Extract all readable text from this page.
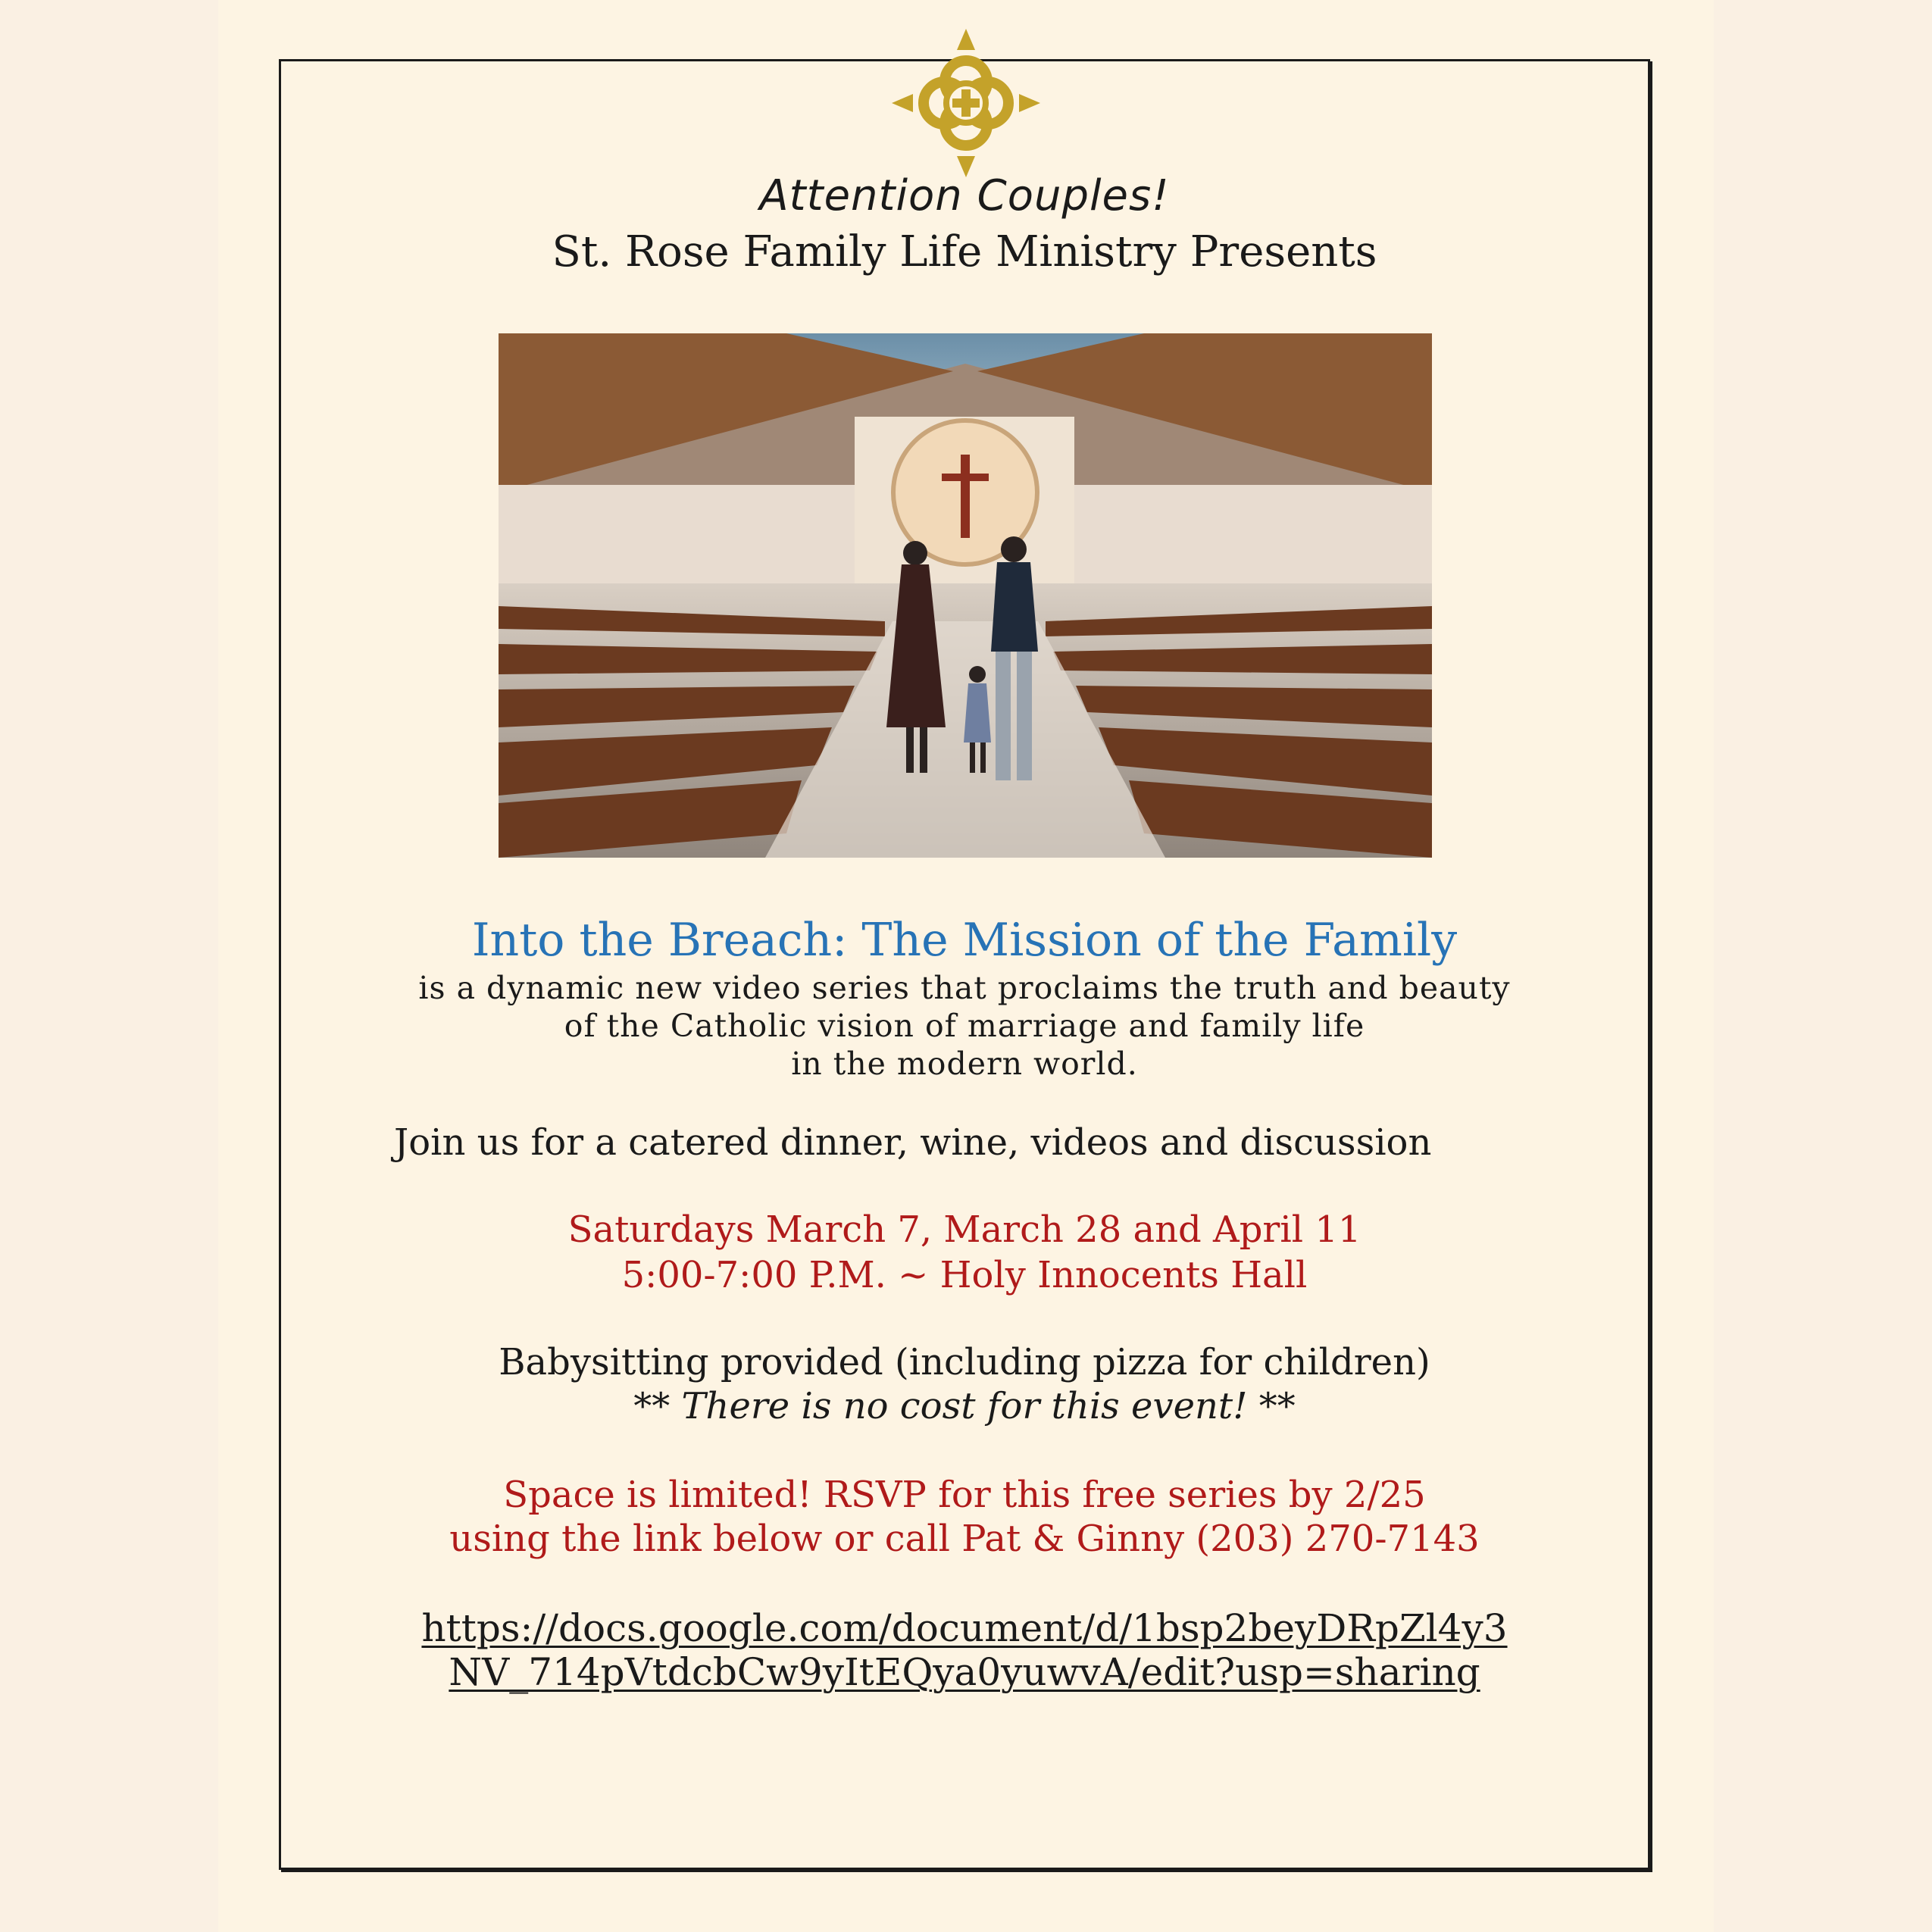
Attention Couples!

St. Rose Family Life Ministry Presents

Into the Breach: The Mission of the Family

is a dynamic new video series that proclaims the truth and beauty

of the Catholic vision of marriage and family life

in the modern world.

Join us for a catered dinner, wine, videos and discussion

Saturdays March 7, March 28 and April 11

5:00-7:00 P.M. ~ Holy Innocents Hall

Babysitting provided (including pizza for children)

** There is no cost for this event! **

Space is limited! RSVP for this free series by 2/25

using the link below or call Pat & Ginny (203) 270-7143

https://docs.google.com/document/d/1bsp2beyDRpZl4y3

NV_714pVtdcbCw9yItEQya0yuwvA/edit?usp=sharing
